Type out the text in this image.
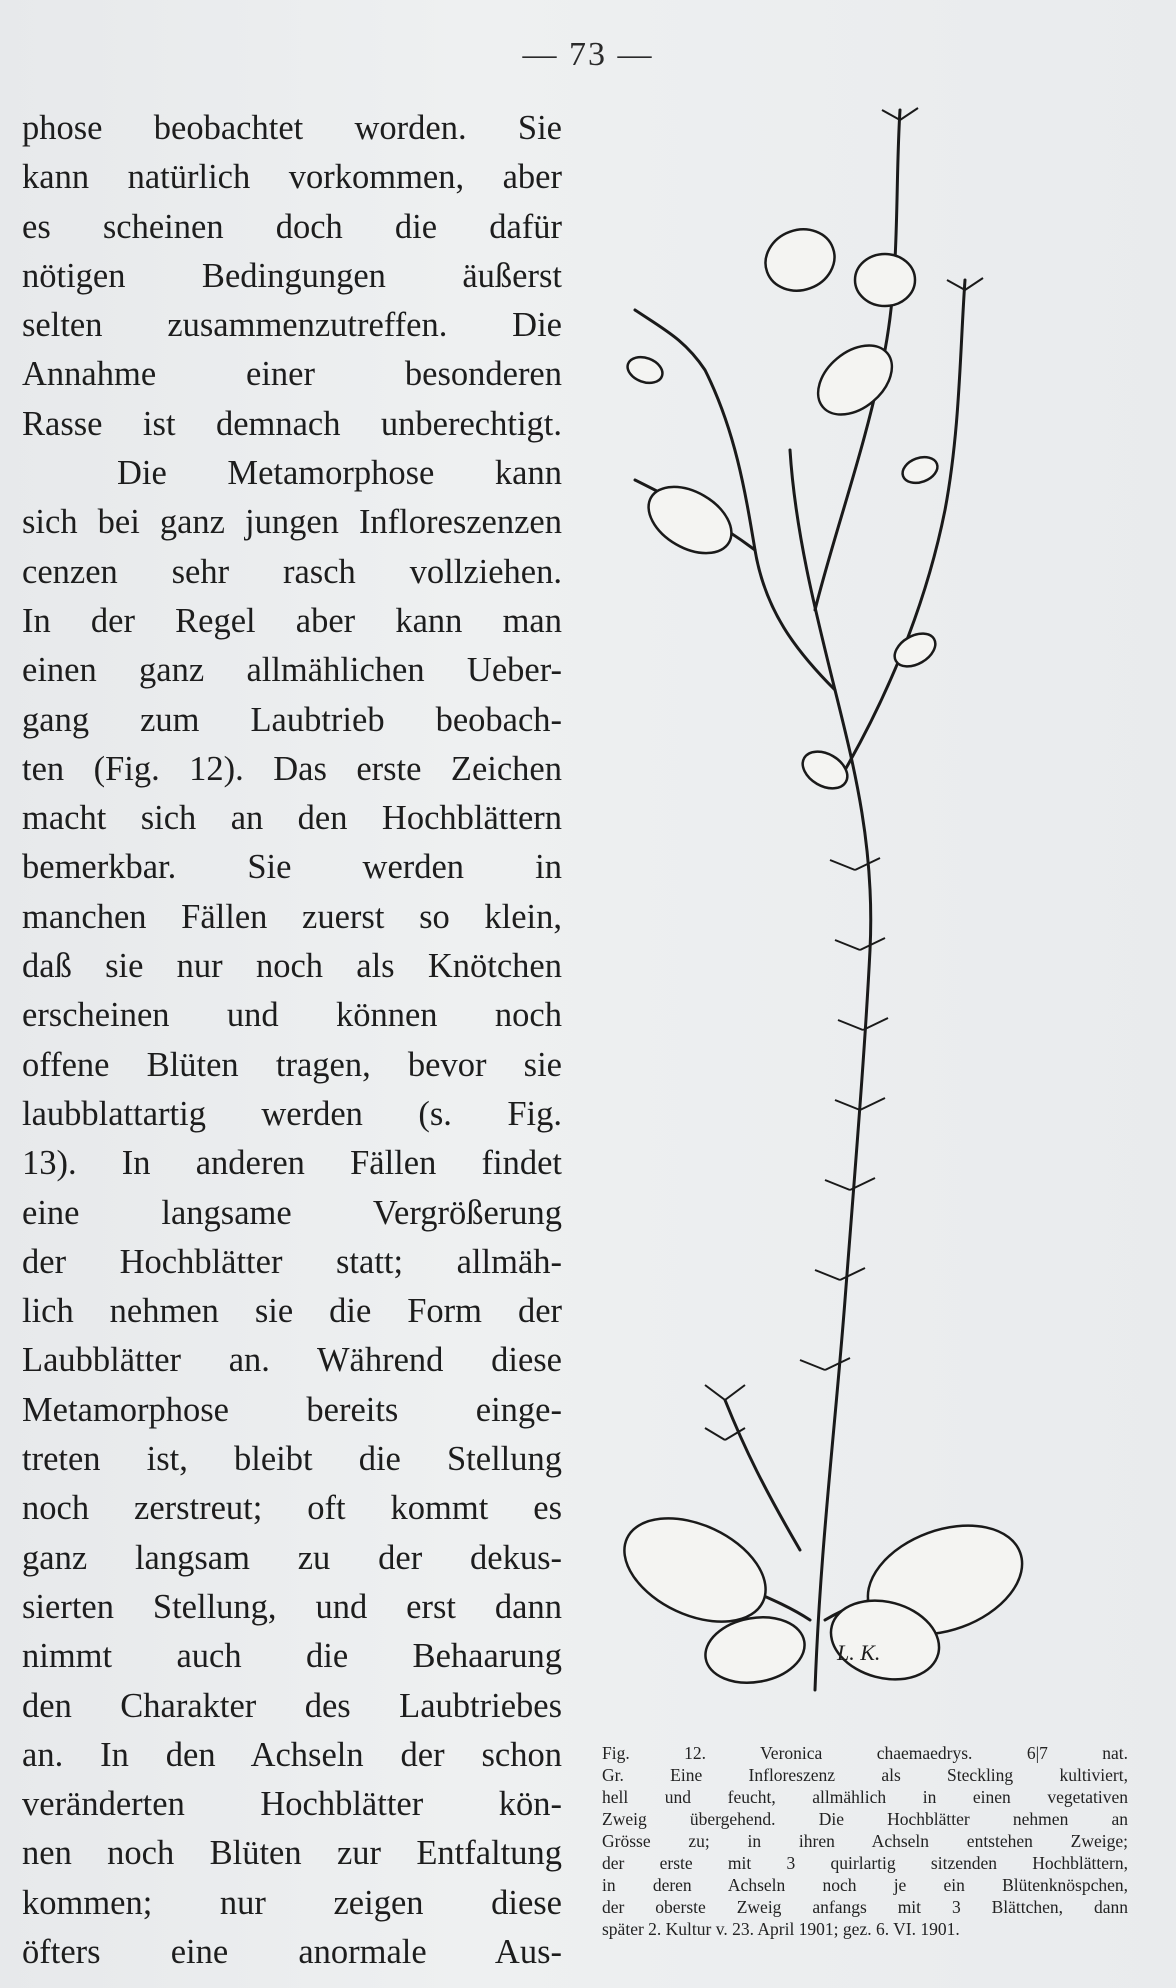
— 73 —
phose beobachtet worden. Sie
kann natürlich vorkommen, aber
es scheinen doch die dafür
nötigen Bedingungen äußerst
selten zusammenzutreffen. Die
Annahme einer besonderen
Rasse ist demnach unberechtigt.
Die Metamorphose kann
sich bei ganz jungen Infloreszenzen
cenzen sehr rasch vollziehen.
In der Regel aber kann man
einen ganz allmählichen Ueber-
gang zum Laubtrieb beobach-
ten (Fig. 12). Das erste Zeichen
macht sich an den Hochblättern
bemerkbar. Sie werden in
manchen Fällen zuerst so klein,
daß sie nur noch als Knötchen
erscheinen und können noch
offene Blüten tragen, bevor sie
laubblattartig werden (s. Fig.
13). In anderen Fällen findet
eine langsame Vergrößerung
der Hochblätter statt; allmäh-
lich nehmen sie die Form der
Laubblätter an. Während diese
Metamorphose bereits einge-
treten ist, bleibt die Stellung
noch zerstreut; oft kommt es
ganz langsam zu der dekus-
sierten Stellung, und erst dann
nimmt auch die Behaarung
den Charakter des Laubtriebes
an. In den Achseln der schon
veränderten Hochblätter kön-
nen noch Blüten zur Entfaltung
kommen; nur zeigen diese
öfters eine anormale Aus-
L. K.
Fig. 12. Veronica chaemaedrys. 6|7 nat.
Gr. Eine Infloreszenz als Steckling kultiviert,
hell und feucht, allmählich in einen vegetativen
Zweig übergehend. Die Hochblätter nehmen an
Grösse zu; in ihren Achseln entstehen Zweige;
der erste mit 3 quirlartig sitzenden Hochblättern,
in deren Achseln noch je ein Blütenknöspchen,
der oberste Zweig anfangs mit 3 Blättchen, dann
später 2. Kultur v. 23. April 1901; gez. 6. VI. 1901.
